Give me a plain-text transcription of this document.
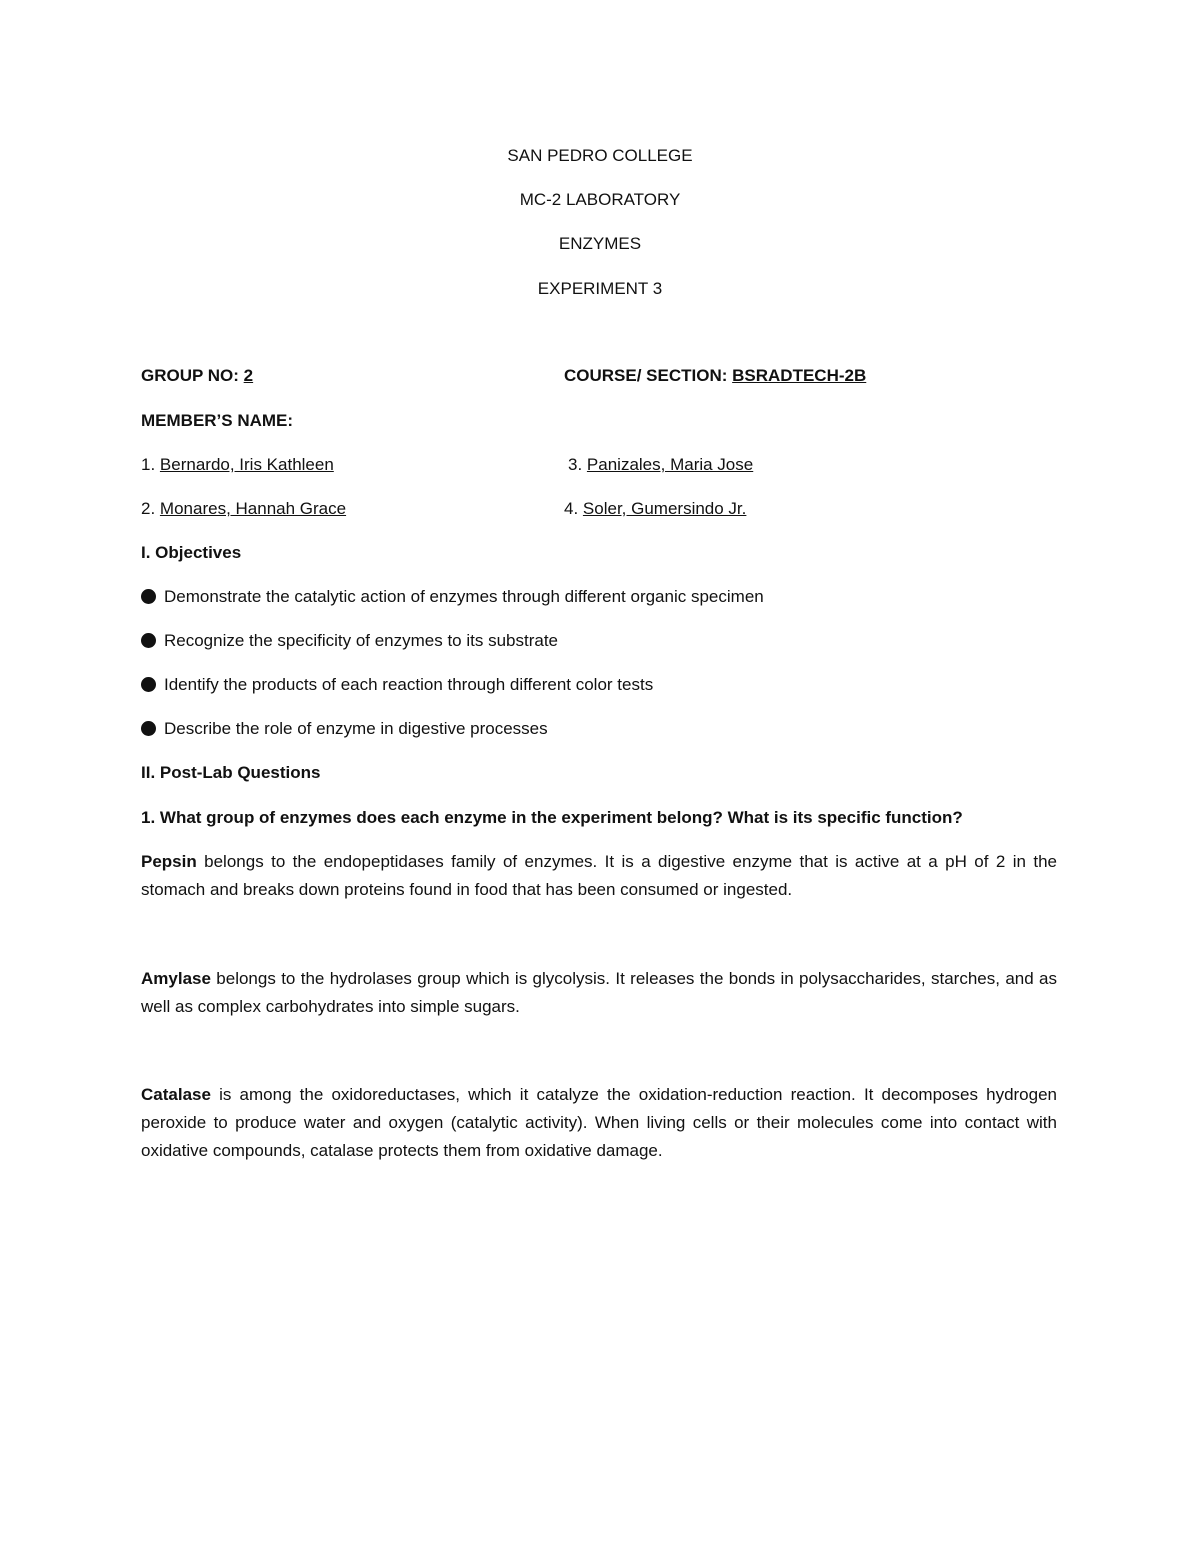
SAN PEDRO COLLEGE
MC-2 LABORATORY
ENZYMES
EXPERIMENT 3
GROUP NO: 2	COURSE/ SECTION: BSRADTECH-2B
MEMBER’S NAME:
1. Bernardo, Iris Kathleen
2. Monares, Hannah Grace
3. Panizales, Maria Jose
4. Soler, Gumersindo Jr.
I. Objectives
Demonstrate the catalytic action of enzymes through different organic specimen
Recognize the specificity of enzymes to its substrate
Identify the products of each reaction through different color tests
Describe the role of enzyme in digestive processes
II. Post-Lab Questions
1. What group of enzymes does each enzyme in the experiment belong? What is its specific function?
Pepsin belongs to the endopeptidases family of enzymes. It is a digestive enzyme that is active at a pH of 2 in the stomach and breaks down proteins found in food that has been consumed or ingested.
Amylase belongs to the hydrolases group which is glycolysis. It releases the bonds in polysaccharides, starches, and as well as complex carbohydrates into simple sugars.
Catalase is among the oxidoreductases, which it catalyze the oxidation-reduction reaction. It decomposes hydrogen peroxide to produce water and oxygen (catalytic activity). When living cells or their molecules come into contact with oxidative compounds, catalase protects them from oxidative damage.
